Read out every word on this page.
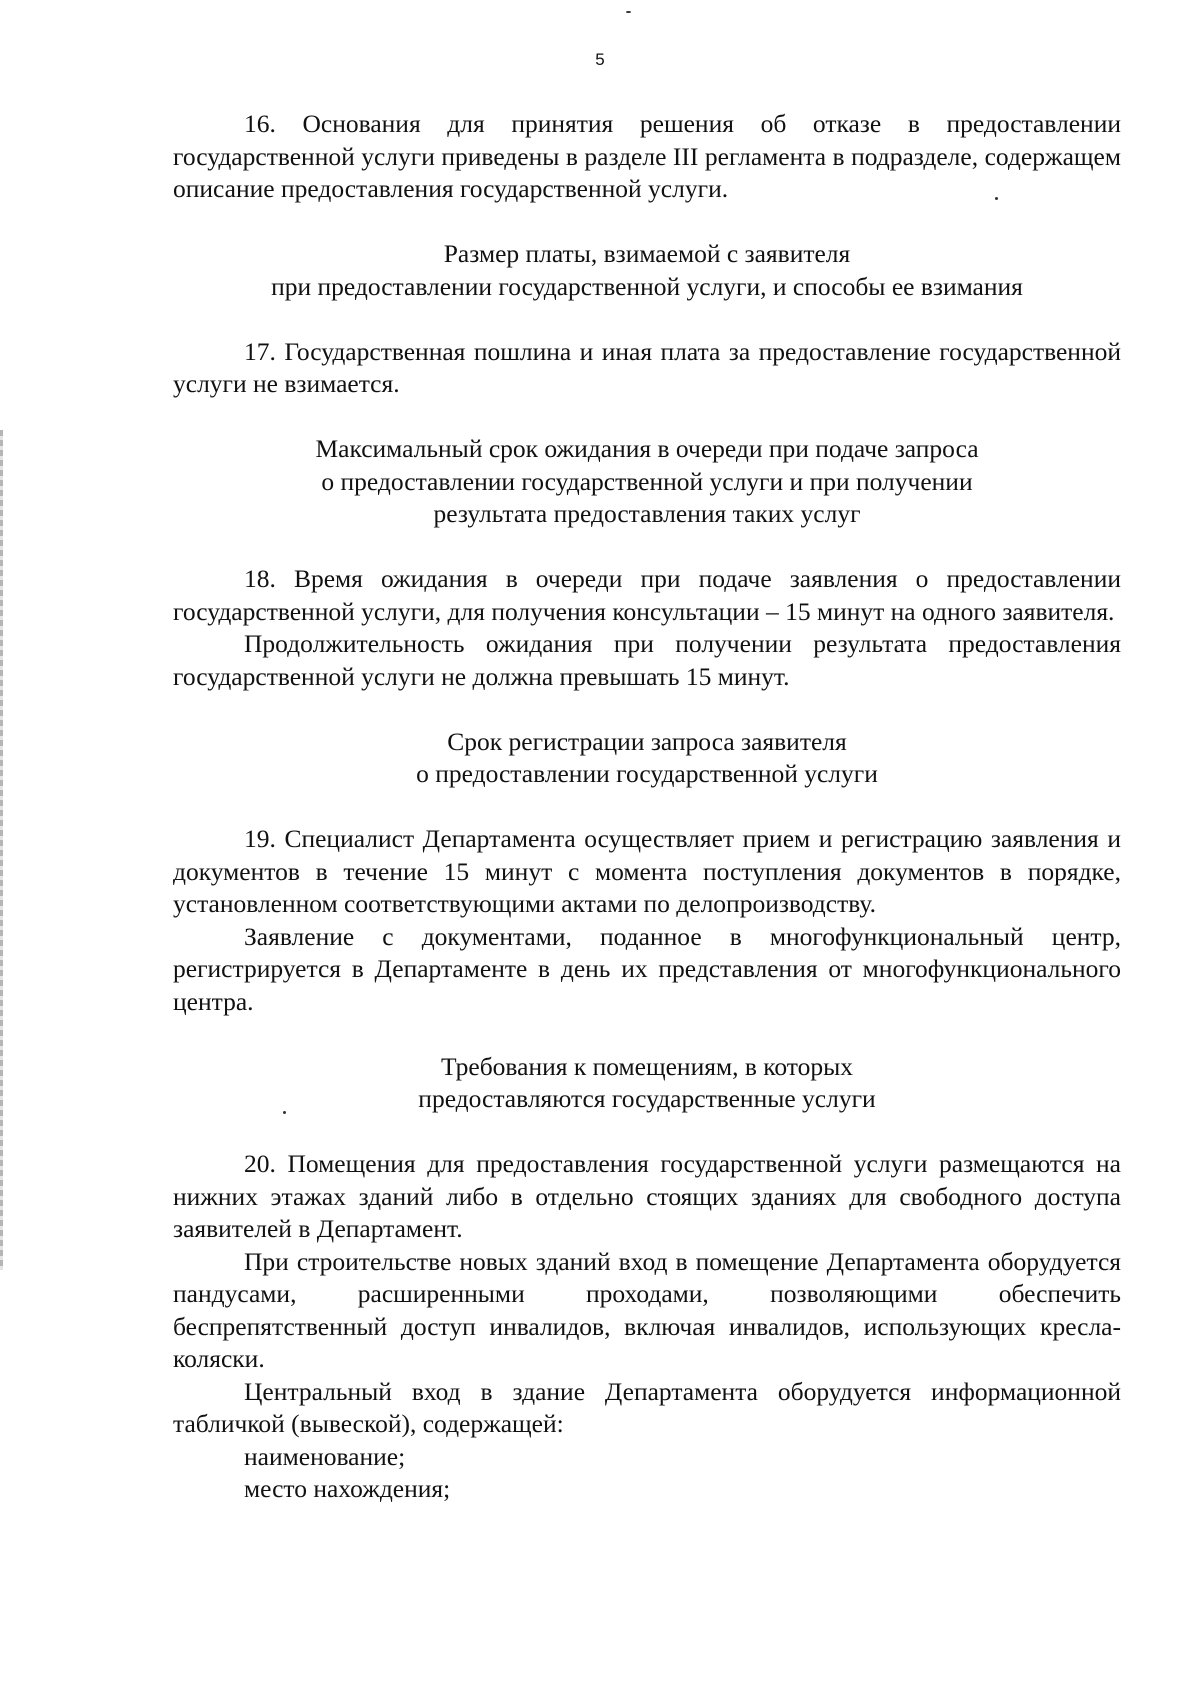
5

16. Основания для принятия решения об отказе в предоставлении государственной услуги приведены в разделе III регламента в подразделе, содержащем описание предоставления государственной услуги.

Размер платы, взимаемой с заявителя
при предоставлении государственной услуги, и способы ее взимания

17. Государственная пошлина и иная плата за предоставление государственной услуги не взимается.

Максимальный срок ожидания в очереди при подаче запроса
о предоставлении государственной услуги и при получении
результата предоставления таких услуг

18. Время ожидания в очереди при подаче заявления о предоставлении государственной услуги, для получения консультации – 15 минут на одного заявителя.

Продолжительность ожидания при получении результата предоставления государственной услуги не должна превышать 15 минут.

Срок регистрации запроса заявителя
о предоставлении государственной услуги

19. Специалист Департамента осуществляет прием и регистрацию заявления и документов в течение 15 минут с момента поступления документов в порядке, установленном соответствующими актами по делопроизводству.

Заявление с документами, поданное в многофункциональный центр, регистрируется в Департаменте в день их представления от многофункционального центра.

Требования к помещениям, в которых
предоставляются государственные услуги

20. Помещения для предоставления государственной услуги размещаются на нижних этажах зданий либо в отдельно стоящих зданиях для свободного доступа заявителей в Департамент.

При строительстве новых зданий вход в помещение Департамента оборудуется пандусами, расширенными проходами, позволяющими обеспечить беспрепятственный доступ инвалидов, включая инвалидов, использующих кресла-коляски.

Центральный вход в здание Департамента оборудуется информационной табличкой (вывеской), содержащей:

наименование;

место нахождения;
